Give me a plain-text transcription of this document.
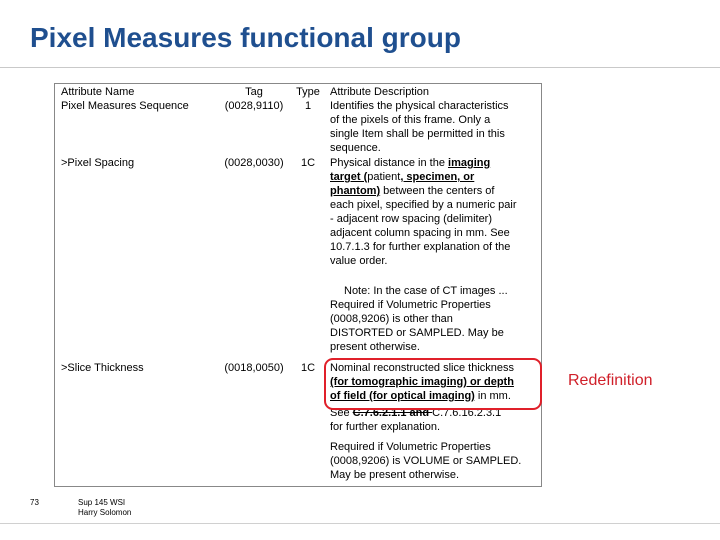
Pixel Measures functional group
Attribute Name	Tag	Type Attribute Description
Pixel Measures Sequence	(0028,9110)	1	Identifies the physical characteristics
of the pixels of this frame. Only a
single Item shall be permitted in this
sequence.
>Pixel Spacing	(0028,0030)	1C	Physical distance in the imaging
target (patient, specimen, or
phantom) between the centers of
each pixel, specified by a numeric pair
- adjacent row spacing (delimiter)
adjacent column spacing in mm. See
10.7.1.3 for further explanation of the
value order.
Note: In the case of CT images ...
Required if Volumetric Properties
(0008,9206) is other than
DISTORTED or SAMPLED. May be
present otherwise.
>Slice Thickness	(0018,0050)	1C	Nominal reconstructed slice thickness
(for tomographic imaging) or depth
of field (for optical imaging) in mm.
See C.7.6.2.1.1 and C.7.6.16.2.3.1
for further explanation.
Required if Volumetric Properties
(0008,9206) is VOLUME or SAMPLED.
May be present otherwise.
Redefinition
73	Sup 145 WSI
Harry Solomon
